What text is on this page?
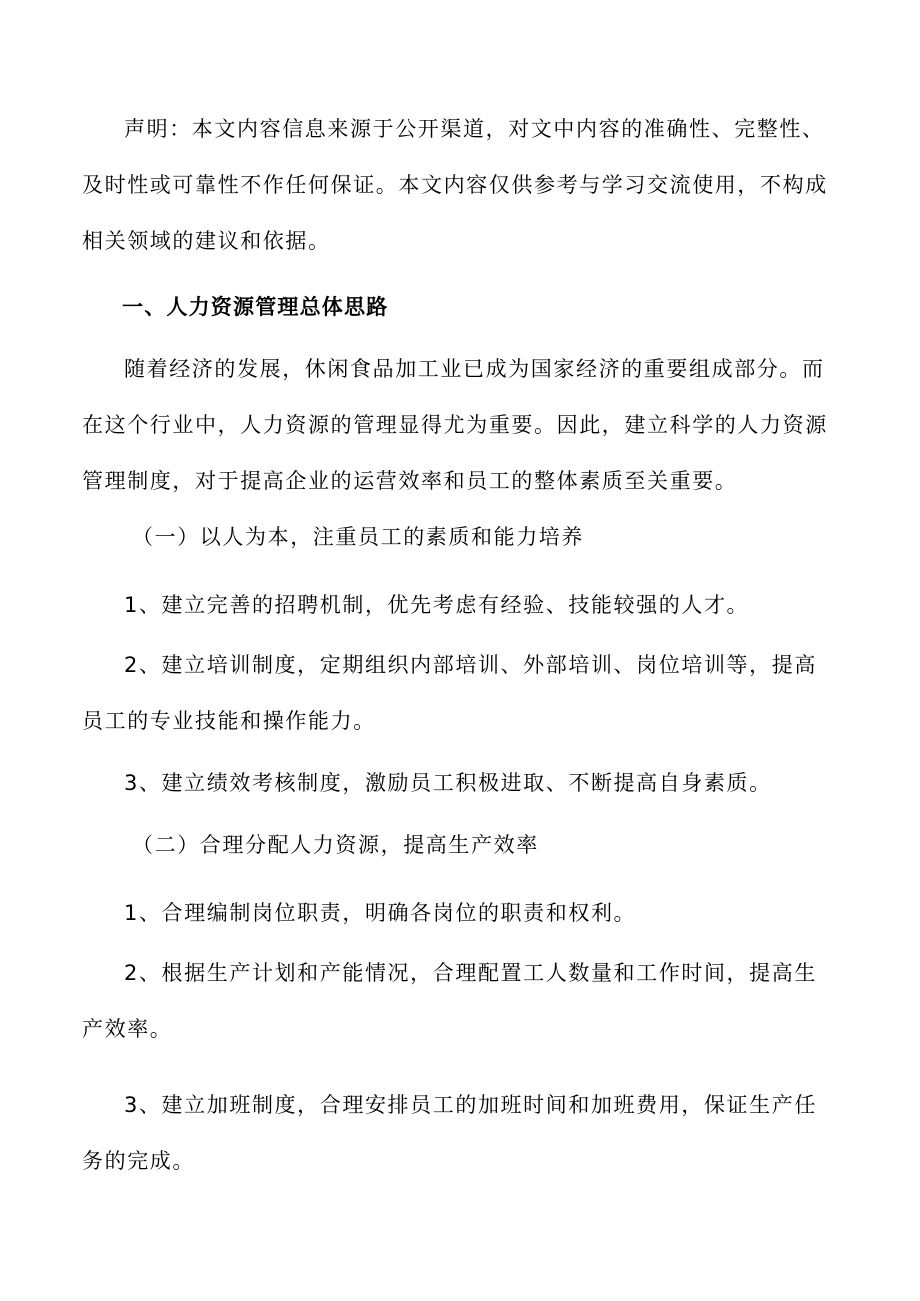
声明：本文内容信息来源于公开渠道，对文中内容的准确性、完整性、
及时性或可靠性不作任何保证。本文内容仅供参考与学习交流使用，不构成
相关领域的建议和依据。
一、人力资源管理总体思路
随着经济的发展，休闲食品加工业已成为国家经济的重要组成部分。而
在这个行业中，人力资源的管理显得尤为重要。因此，建立科学的人力资源
管理制度，对于提高企业的运营效率和员工的整体素质至关重要。
（一）以人为本，注重员工的素质和能力培养
1、建立完善的招聘机制，优先考虑有经验、技能较强的人才。
2、建立培训制度，定期组织内部培训、外部培训、岗位培训等，提高
员工的专业技能和操作能力。
3、建立绩效考核制度，激励员工积极进取、不断提高自身素质。
（二）合理分配人力资源，提高生产效率
1、合理编制岗位职责，明确各岗位的职责和权利。
2、根据生产计划和产能情况，合理配置工人数量和工作时间，提高生
产效率。
3、建立加班制度，合理安排员工的加班时间和加班费用，保证生产任
务的完成。
